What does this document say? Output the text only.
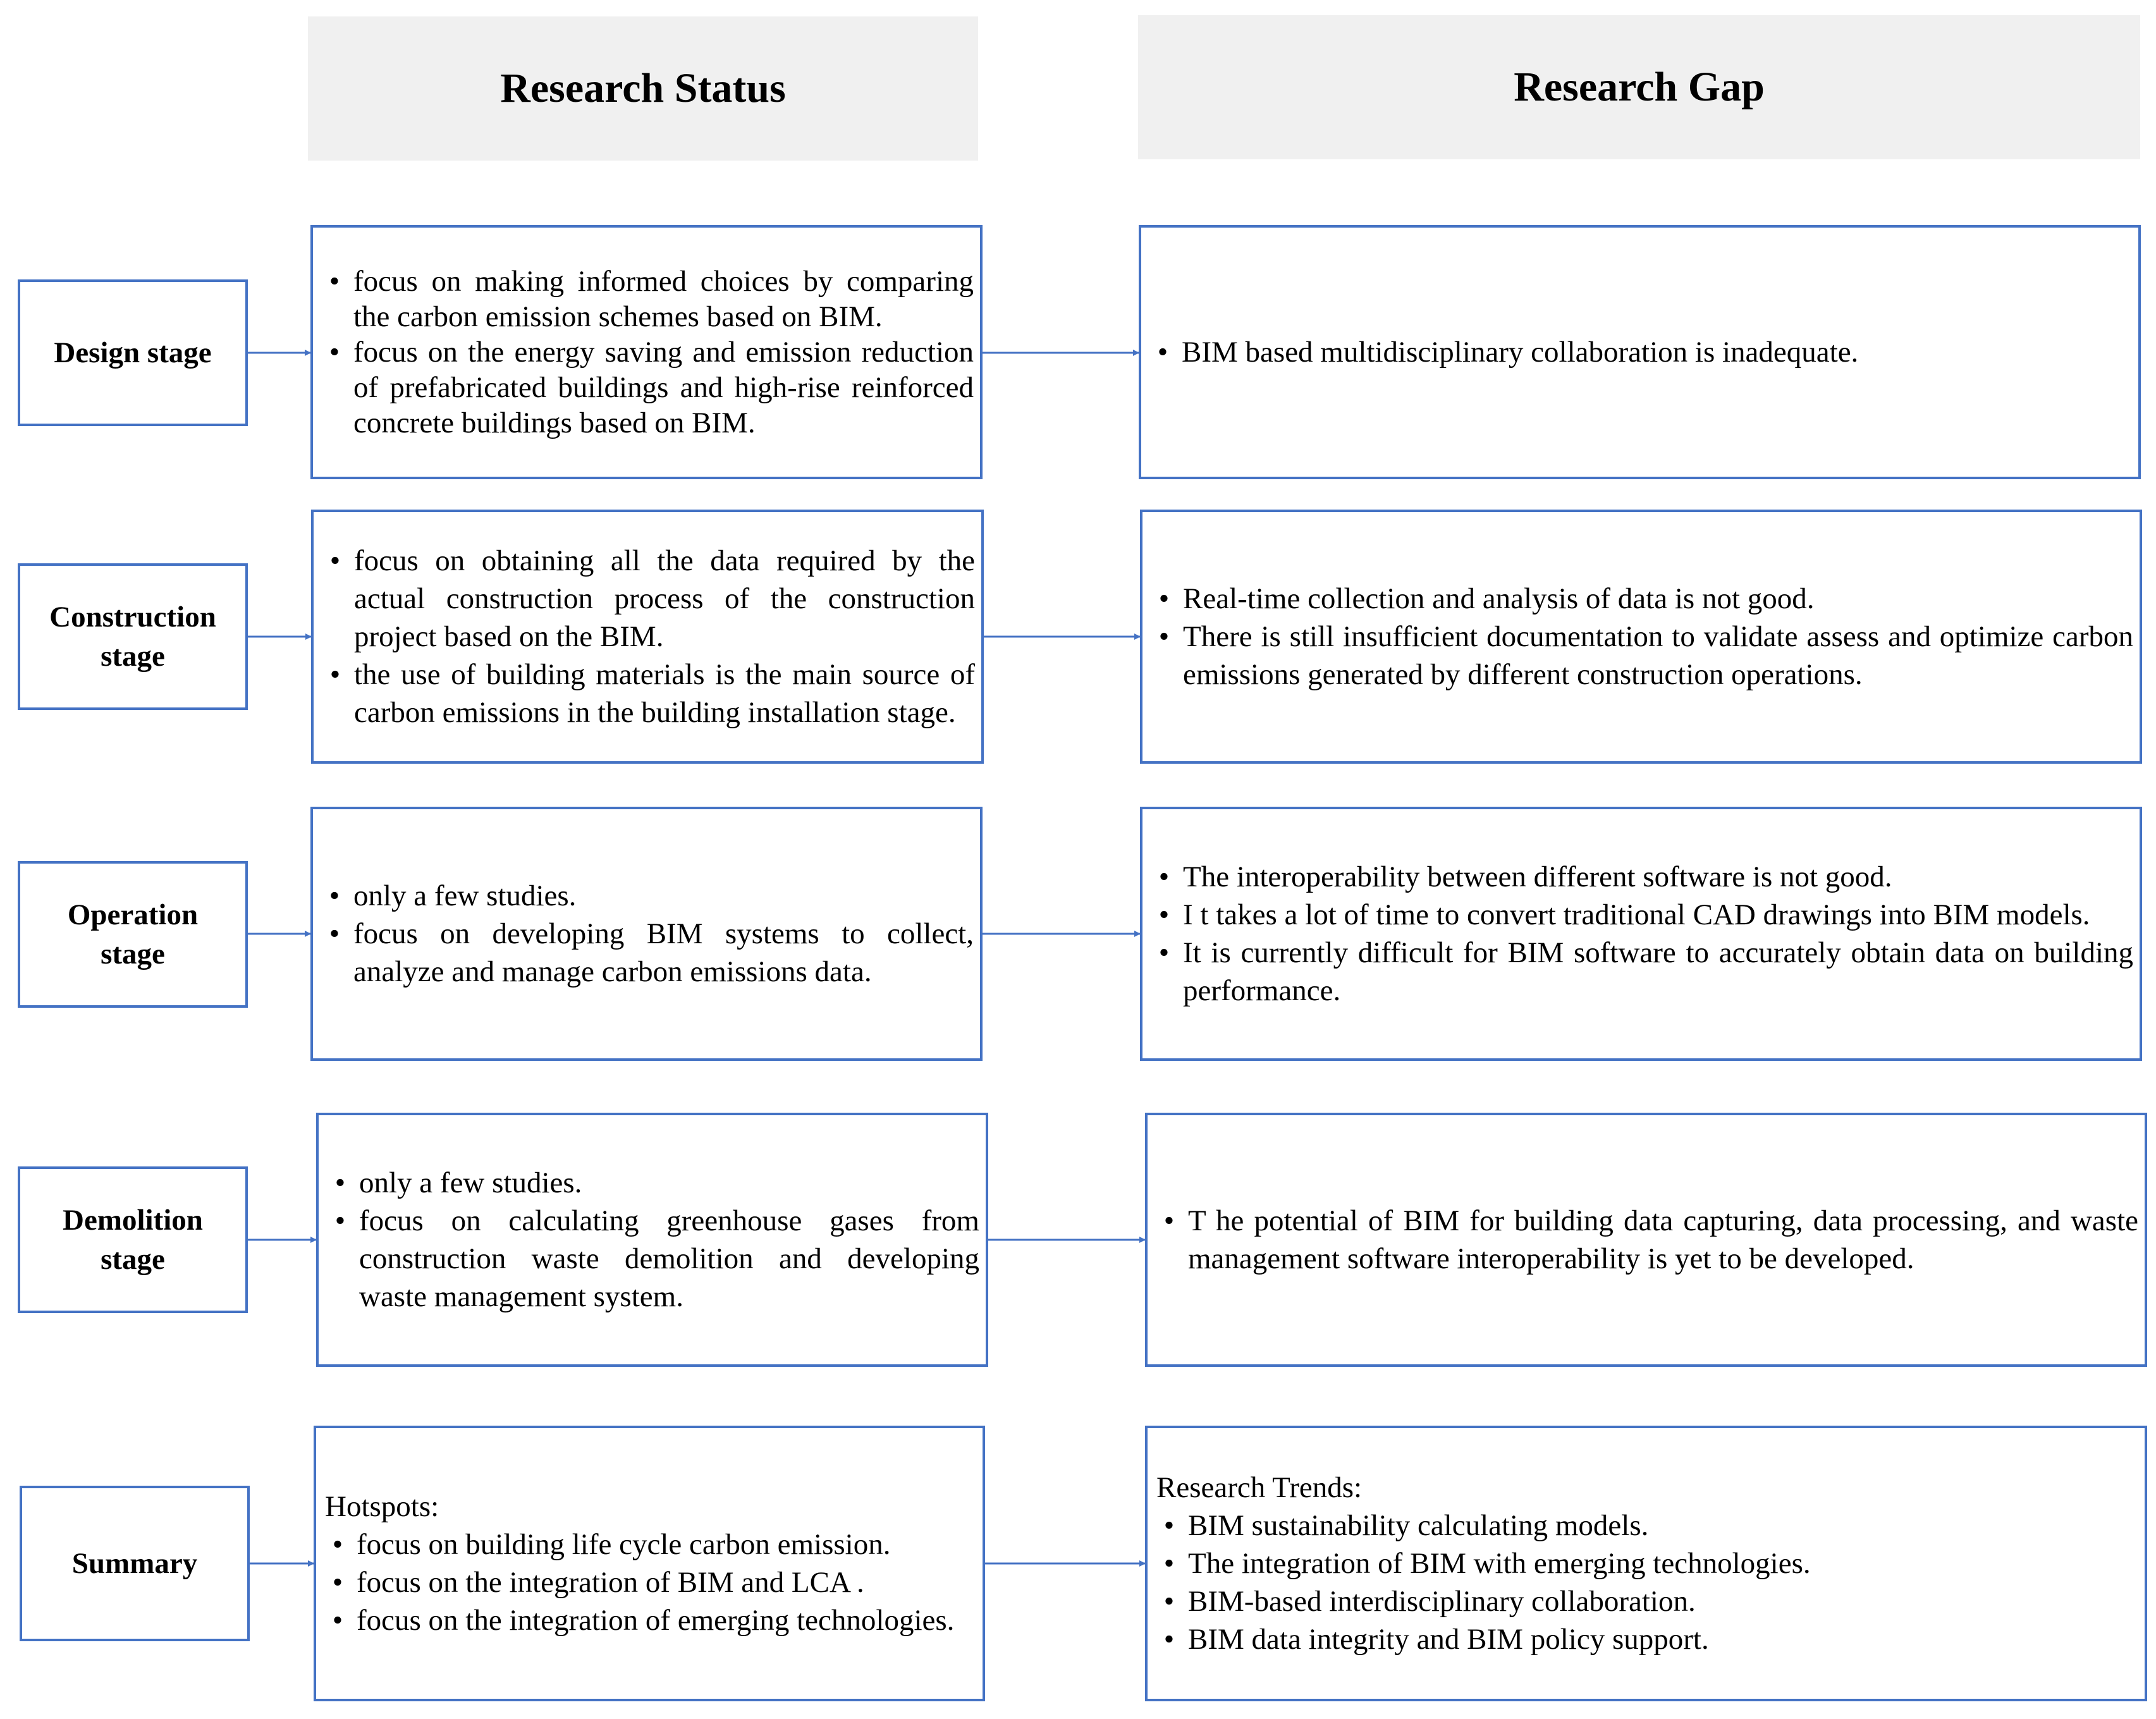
Research Status	Research Gap
Design stage
• focus on making informed choices by comparing the carbon emission schemes based on BIM.
• focus on the energy saving and emission reduction of prefabricated buildings and high-rise reinforced concrete buildings based on BIM.
• BIM based multidisciplinary collaboration is inadequate.
Construction
stage
• focus on obtaining all the data required by the actual construction process of the construction project based on the BIM.
• the use of building materials is the main source of carbon emissions in the building installation stage.
• Real-time collection and analysis of data is not good.
• There is still insufficient documentation to validate assess and optimize carbon emissions generated by different construction operations.
Operation
stage
• only a few studies.
• focus on developing BIM systems to collect, analyze and manage carbon emissions data.
• The interoperability between different software is not good.
• I t takes a lot of time to convert traditional CAD drawings into BIM models.
• It is currently difficult for BIM software to accurately obtain data on building performance.
Demolition
stage
• only a few studies.
• focus on calculating greenhouse gases from construction waste demolition and developing waste management system.
• T he potential of BIM for building data capturing, data processing, and waste management software interoperability is yet to be developed.
Summary
Hotspots:
• focus on building life cycle carbon emission.
• focus on the integration of BIM and LCA .
• focus on the integration of emerging technologies.
Research Trends:
• BIM sustainability calculating models.
• The integration of BIM with emerging technologies.
• BIM-based interdisciplinary collaboration.
• BIM data integrity and BIM policy support.
